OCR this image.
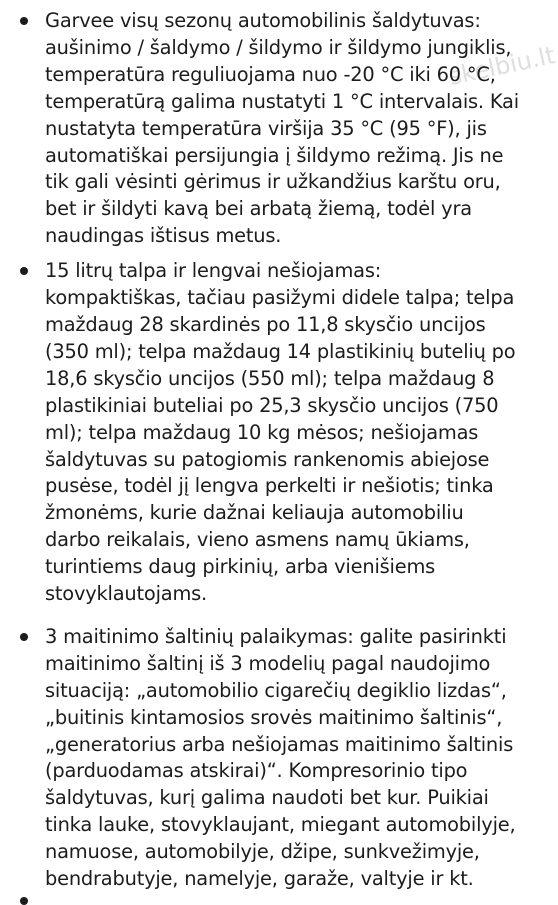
skelbiu.lt
Garvee visų sezonų automobilinis šaldytuvas: aušinimo / šaldymo / šildymo ir šildymo jungiklis, temperatūra reguliuojama nuo -20 °C iki 60 °C, temperatūrą galima nustatyti 1 °C intervalais. Kai nustatyta temperatūra viršija 35 °C (95 °F), jis automatiškai persijungia į šildymo režimą. Jis ne tik gali vėsinti gėrimus ir užkandžius karštu oru, bet ir šildyti kavą bei arbatą žiemą, todėl yra naudingas ištisus metus.
15 litrų talpa ir lengvai nešiojamas: kompaktiškas, tačiau pasižymi didele talpa; telpa maždaug 28 skardinės po 11,8 skysčio uncijos (350 ml); telpa maždaug 14 plastikinių butelių po 18,6 skysčio uncijos (550 ml); telpa maždaug 8 plastikiniai buteliai po 25,3 skysčio uncijos (750 ml); telpa maždaug 10 kg mėsos; nešiojamas šaldytuvas su patogiomis rankenomis abiejose pusėse, todėl jį lengva perkelti ir nešiotis; tinka žmonėms, kurie dažnai keliauja automobiliu darbo reikalais, vieno asmens namų ūkiams, turintiems daug pirkinių, arba vienišiems stovyklautojams.
3 maitinimo šaltinių palaikymas: galite pasirinkti maitinimo šaltinį iš 3 modelių pagal naudojimo situaciją: „automobilio cigarečių degiklio lizdas“, „buitinis kintamosios srovės maitinimo šaltinis“, „generatorius arba nešiojamas maitinimo šaltinis (parduodamas atskirai)“. Kompresorinio tipo šaldytuvas, kurį galima naudoti bet kur. Puikiai tinka lauke, stovyklaujant, miegant automobilyje, namuose, automobilyje, džipe, sunkvežimyje, bendrabutyje, namelyje, garaže, valtyje ir kt.
